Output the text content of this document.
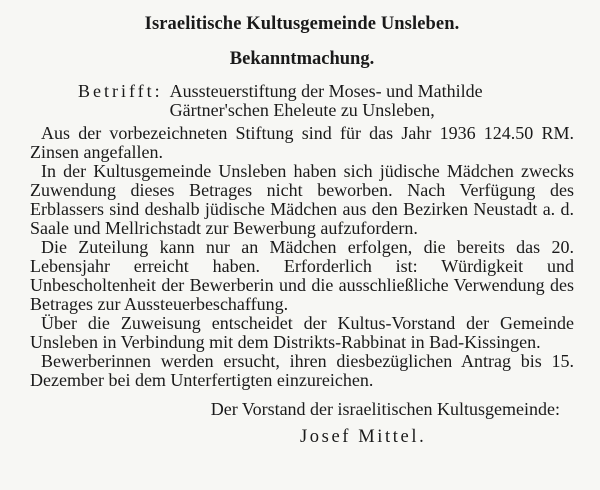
Israelitische Kultusgemeinde Unsleben.
Bekanntmachung.
Betrifft: Aussteuerstiftung der Moses- und Mathilde Gärtner'schen Eheleute zu Unsleben,

Aus der vorbezeichneten Stiftung sind für das Jahr 1936 124.50 RM. Zinsen angefallen.

In der Kultusgemeinde Unsleben haben sich jüdische Mädchen zwecks Zuwendung dieses Betrages nicht beworben. Nach Verfügung des Erblassers sind deshalb jüdische Mädchen aus den Bezirken Neustadt a. d. Saale und Mellrichstadt zur Bewerbung aufzufordern.

Die Zuteilung kann nur an Mädchen erfolgen, die bereits das 20. Lebensjahr erreicht haben. Erforderlich ist: Würdigkeit und Unbescholtenheit der Bewerberin und die ausschließliche Verwendung des Betrages zur Aussteuerbeschaffung.

Über die Zuweisung entscheidet der Kultus-Vorstand der Gemeinde Unsleben in Verbindung mit dem Distrikts-Rabbinat in Bad-Kissingen.

Bewerberinnen werden ersucht, ihren diesbezüglichen Antrag bis 15. Dezember bei dem Unterfertigten einzureichen.

Der Vorstand der israelitischen Kultusgemeinde:
Josef Mittel.
